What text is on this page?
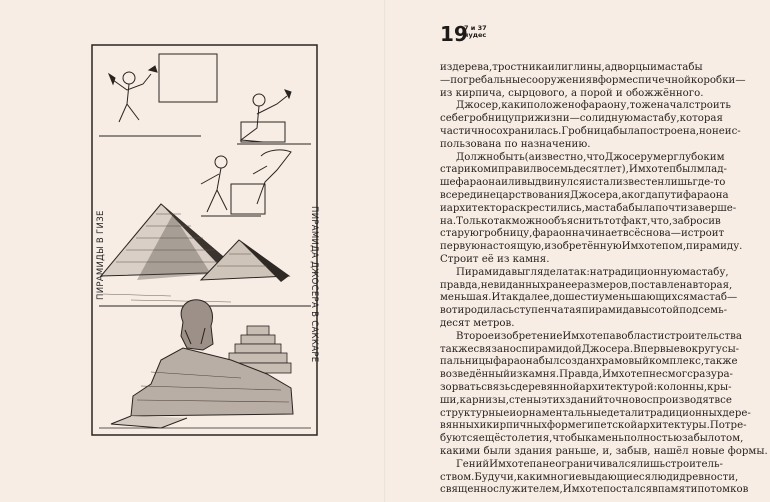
ПИРАМИДЫ В ГИЗЕ	ПИРАМИДА ДЖОСЕРА В САККАРЕ
19
7 и 37
чудес
из дерева, тростника или глины, а дворцы и мастабы
— погребальные сооружения в форме спичечной коробки —
из кирпича, сырцового, а порой и обожжённого.
Джосер, как и положено фараону, тоже начал строить
себе гробницу при жизни — солидную мастабу, которая
частично сохранилась. Гробница была построена, но не ис-
пользована по назначению.
Должно быть (а известно, что Джосер умер глубоким
стариком и правил восемьдесят лет), Имхотеп был млад-
ше фараона или выдвинулся и стал известен лишь где-то
в середине царствования Джосера, а когда пути фараона
и архитектора скрестились, мастаба была почти заверше-
на. Только так можно объяснить тот факт, что, забросив
старую гробницу, фараон начинает всё снова — и строит
первую настоящую, изобретённую Имхотепом, пирамиду.
Строит её из камня.
Пирамида выглядела так: на традиционную мастабу,
правда, не виданных ранее размеров, поставлена вторая,
меньшая. И так далее, до шести уменьшающихся мастаб —
вот и родилась ступенчатая пирамида высотой под семь-
десят метров.
Второе изобретение Имхотепа в области строительства
также связано с пирамидой Джосера. Впервые вокруг усы-
пальницы фараона был создан храмовый комплекс, также
возведённый из камня. Правда, Имхотеп не смог сразу ра-
зорвать связь с деревянной архитектурой: колонны, кры-
ши, карнизы, стены этих зданий точно воспроизводят все
структурные и орнаментальные детали традиционных дере-
вянных и кирпичных форм египетской архитектуры. Потре-
буются ещё столетия, чтобы камень полностью забыл о том,
какими были здания раньше, и, забыв, нашёл новые формы.
Гений Имхотепа не ограничивался лишь строитель-
ством. Будучи, как и многие выдающиеся люди древности,
священнослужителем, Имхотеп остался в памяти потомков
